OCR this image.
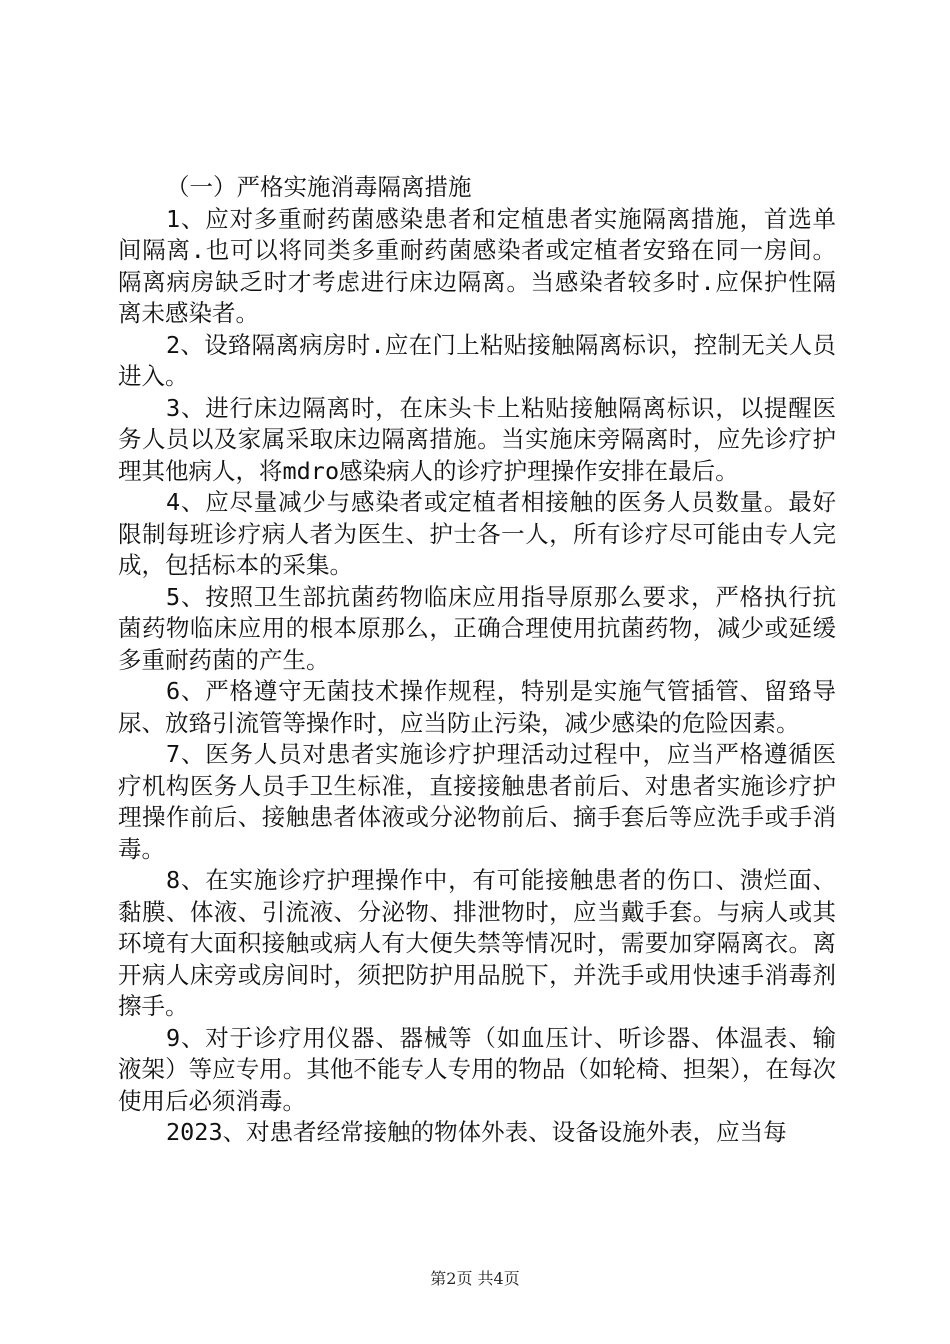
（一）严格实施消毒隔离措施

1、应对多重耐药菌感染患者和定植患者实施隔离措施，首选单间隔离.也可以将同类多重耐药菌感染者或定植者安臵在同一房间。隔离病房缺乏时才考虑进行床边隔离。当感染者较多时.应保护性隔离未感染者。

2、设臵隔离病房时.应在门上粘贴接触隔离标识，控制无关人员进入。

3、进行床边隔离时，在床头卡上粘贴接触隔离标识，以提醒医务人员以及家属采取床边隔离措施。当实施床旁隔离时，应先诊疗护理其他病人，将mdro感染病人的诊疗护理操作安排在最后。

4、应尽量减少与感染者或定植者相接触的医务人员数量。最好限制每班诊疗病人者为医生、护士各一人，所有诊疗尽可能由专人完成，包括标本的采集。

5、按照卫生部抗菌药物临床应用指导原那么要求，严格执行抗菌药物临床应用的根本原那么，正确合理使用抗菌药物，减少或延缓多重耐药菌的产生。

6、严格遵守无菌技术操作规程，特别是实施气管插管、留臵导尿、放臵引流管等操作时，应当防止污染，减少感染的危险因素。

7、医务人员对患者实施诊疗护理活动过程中，应当严格遵循医疗机构医务人员手卫生标准，直接接触患者前后、对患者实施诊疗护理操作前后、接触患者体液或分泌物前后、摘手套后等应洗手或手消毒。

8、在实施诊疗护理操作中，有可能接触患者的伤口、溃烂面、黏膜、体液、引流液、分泌物、排泄物时，应当戴手套。与病人或其环境有大面积接触或病人有大便失禁等情况时，需要加穿隔离衣。离开病人床旁或房间时，须把防护用品脱下，并洗手或用快速手消毒剂擦手。

9、对于诊疗用仪器、器械等（如血压计、听诊器、体温表、输液架）等应专用。其他不能专人专用的物品（如轮椅、担架），在每次使用后必须消毒。

2023、对患者经常接触的物体外表、设备设施外表，应当每

第2页 共4页
